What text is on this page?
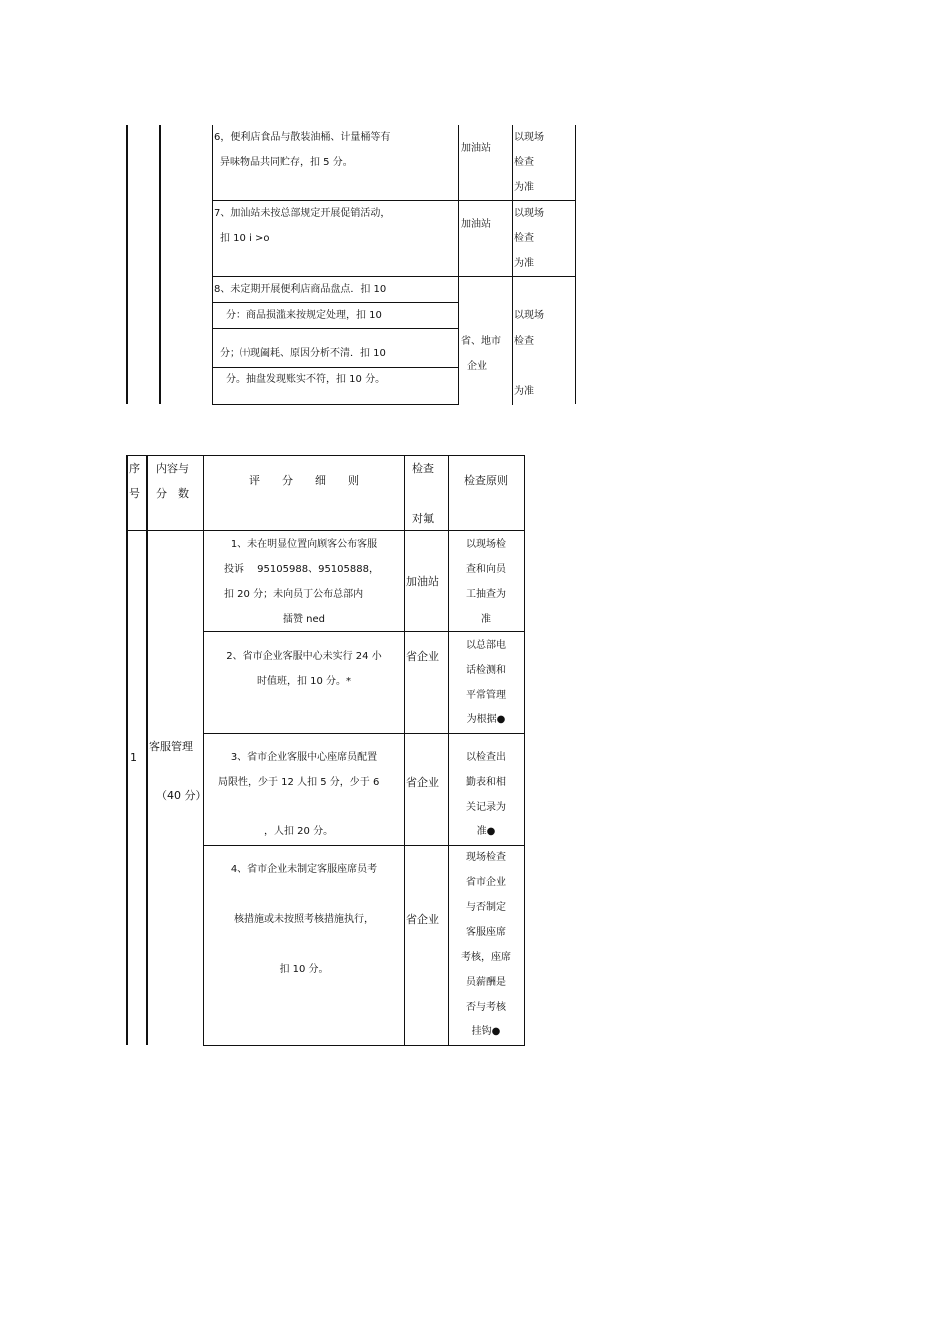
6，便利店食品与散装油桶、计量桶等有
异味物品共同贮存，扣 5 分。
加油站
以现场
检查
为准
7、加汕站未按总部规定开展促销活动，
扣 10 i >o
加油站
以现场
检查
为准
8、未定期开展便利店商品盘点．扣 10
分：商品损滥来按规定处理，扣 10
分；㈩现阖耗、原因分析不清．扣 10
分。抽盘发现账实不符，扣 10 分。
省、地市
企业
以现场
检查
为准
序
号
内容与
分　数
评　　分　　细　　则
检查
对氟
检查原则
1
客服管理
（40 分）
1、未在明显位置向顾客公布客服
投诉　 95105988、95105888，
扣 20 分；未向员丁公布总部内
擂赞 ned
加油站
以现场检
查和向员
工抽查为
准
2、省市企业客服中心未实行 24 小
时值班，扣 10 分。*
省企业
以总部电
话检测和
平常管理
为根据●
3、省市企业客服中心座席员配置
局限性，少于 12 人扣 5 分，少于 6
，人扣 20 分。
省企业
以检查出
勤表和相
关记录为
准●
4、省市企业未制定客服座席员考
核措施或未按照考核措施执行，
扣 10 分。
省企业
现场检查
省市企业
与否制定
客服座席
考核，座席
员薪酬是
否与考核
挂钩●
